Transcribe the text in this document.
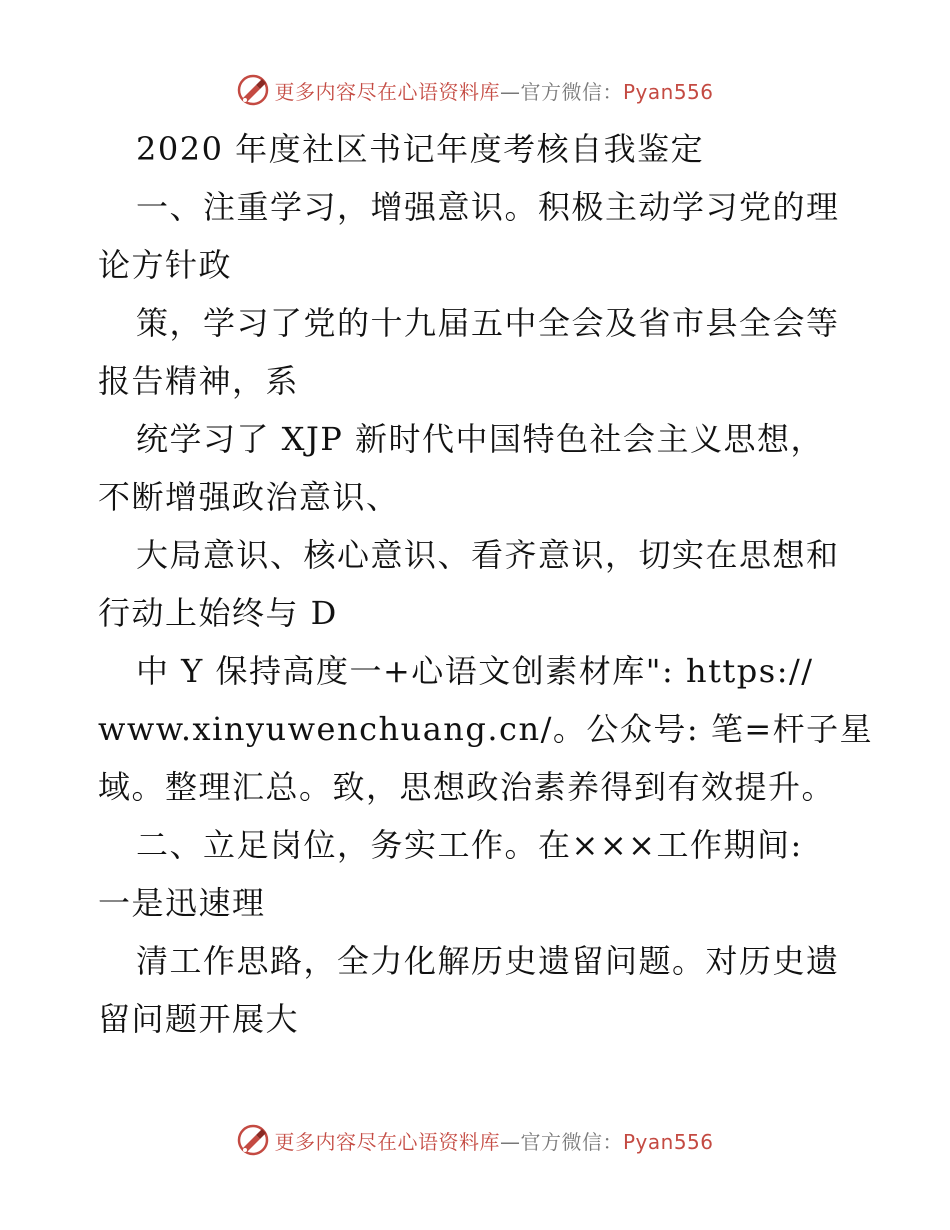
更多内容尽在心语资料库—官方微信：Pyan556
2020 年度社区书记年度考核自我鉴定
一、注重学习，增强意识。积极主动学习党的理
论方针政
策，学习了党的十九届五中全会及省市县全会等
报告精神，系
统学习了 XJP 新时代中国特色社会主义思想，
不断增强政治意识、
大局意识、核心意识、看齐意识，切实在思想和
行动上始终与 D
中 Y 保持高度一+心语文创素材库": https://
www.xinyuwenchuang.cn/。公众号: 笔=杆子星
域。整理汇总。致，思想政治素养得到有效提升。
二、立足岗位，务实工作。在×××工作期间:
一是迅速理
清工作思路，全力化解历史遗留问题。对历史遗
留问题开展大
更多内容尽在心语资料库—官方微信：Pyan556
